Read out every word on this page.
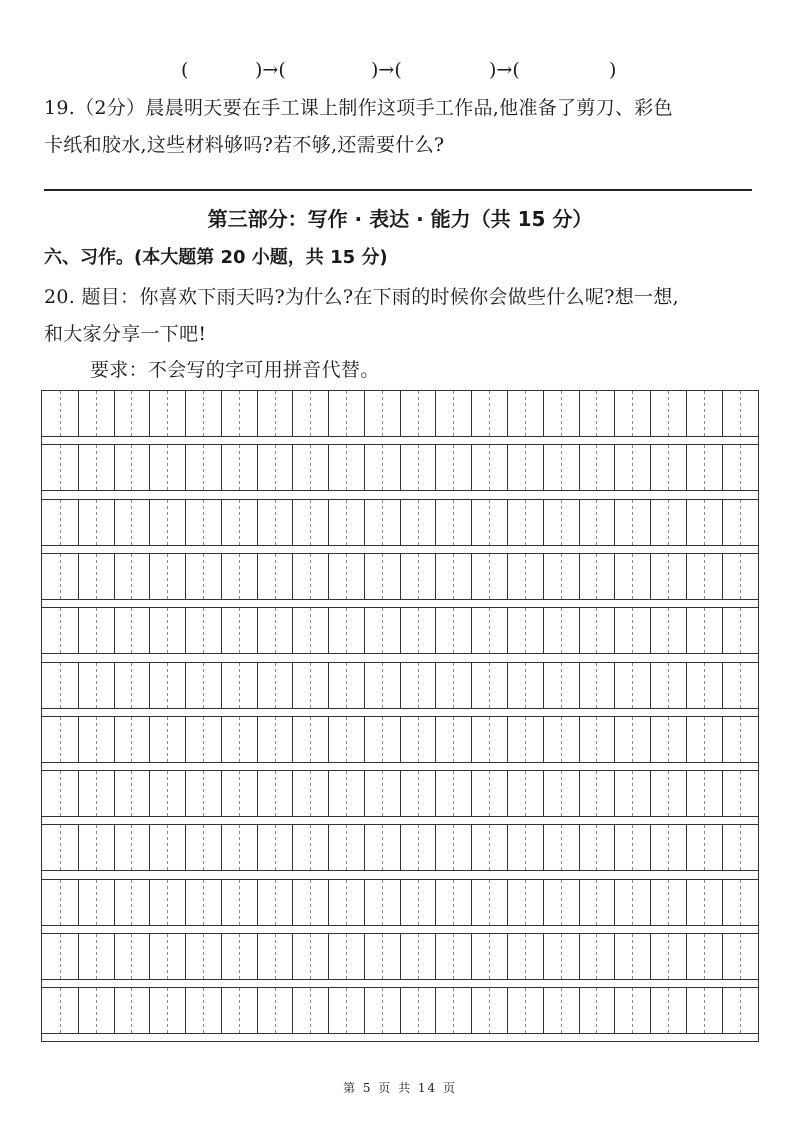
(	)→(	)→(	)→(	)
19.（2分）晨晨明天要在手工课上制作这项手工作品,他准备了剪刀、彩色
卡纸和胶水,这些材料够吗?若不够,还需要什么?
第三部分：写作 · 表达 · 能力（共 15 分）
六、习作。(本大题第 20 小题，共 15 分)
20. 题目：你喜欢下雨天吗?为什么?在下雨的时候你会做些什么呢?想一想,
和大家分享一下吧!
要求：不会写的字可用拼音代替。
第 5 页 共 14 页
